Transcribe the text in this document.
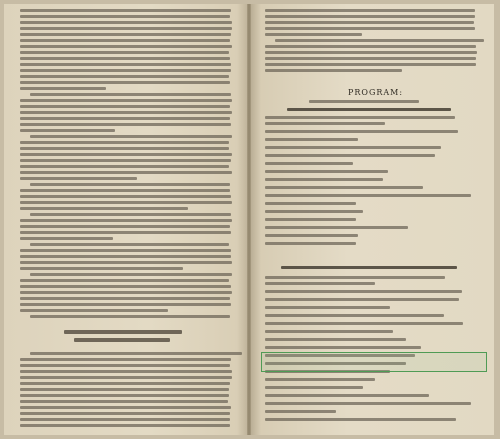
PROGRAM:
